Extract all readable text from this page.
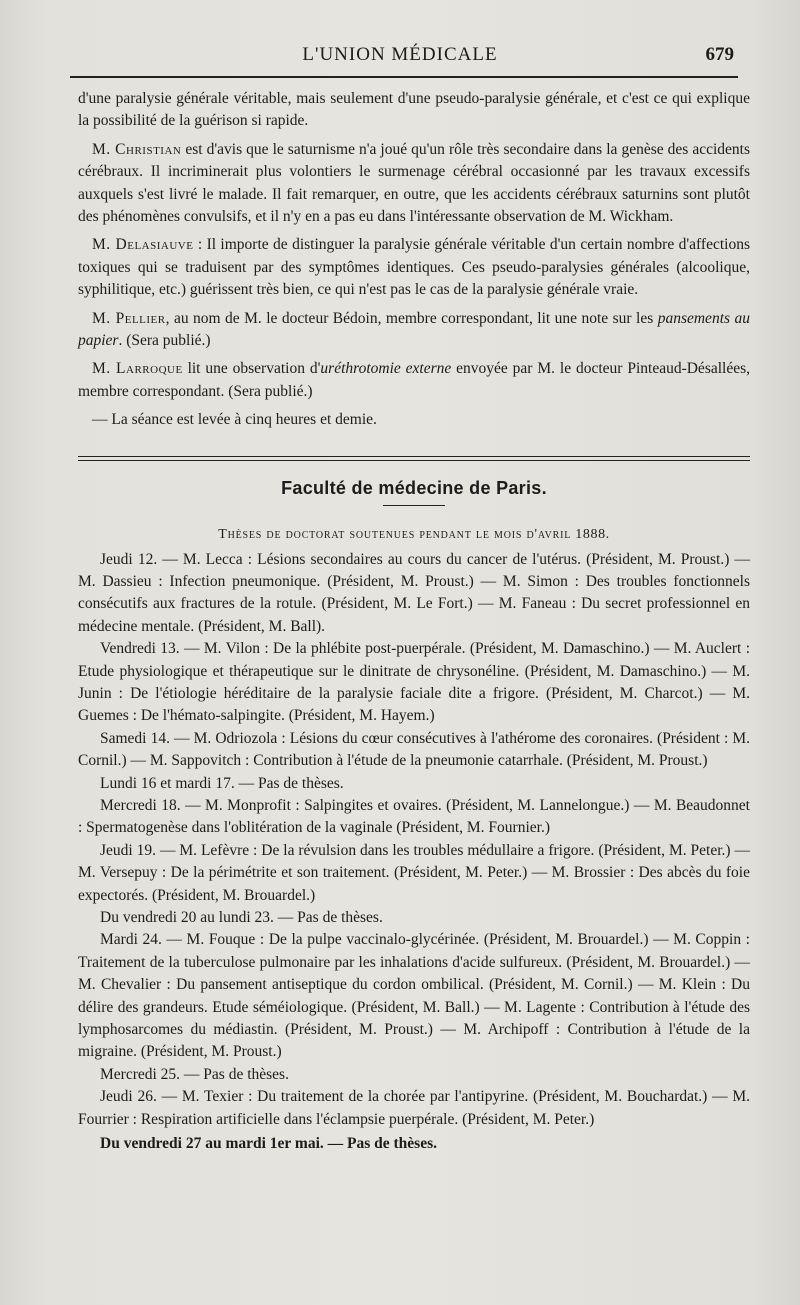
L'UNION MÉDICALE	679

d'une paralysie générale véritable, mais seulement d'une pseudo-paralysie générale, et c'est ce qui explique la possibilité de la guérison si rapide.

M. Christian est d'avis que le saturnisme n'a joué qu'un rôle très secondaire dans la genèse des accidents cérébraux. Il incriminerait plus volontiers le surmenage cérébral occasionné par les travaux excessifs auxquels s'est livré le malade. Il fait remarquer, en outre, que les accidents cérébraux saturnins sont plutôt des phénomènes convulsifs, et il n'y en a pas eu dans l'intéressante observation de M. Wickham.

M. Delasiauve : Il importe de distinguer la paralysie générale véritable d'un certain nombre d'affections toxiques qui se traduisent par des symptômes identiques. Ces pseudo-paralysies générales (alcoolique, syphilitique, etc.) guérissent très bien, ce qui n'est pas le cas de la paralysie générale vraie.

M. Pellier, au nom de M. le docteur Bédoin, membre correspondant, lit une note sur les pansements au papier. (Sera publié.)

M. Larroque lit une observation d'uréthrotomie externe envoyée par M. le docteur Pinteaud-Désallées, membre correspondant. (Sera publié.)

— La séance est levée à cinq heures et demie.

Faculté de médecine de Paris.
Thèses de doctorat soutenues pendant le mois d'avril 1888.

Jeudi 12. — M. Lecca : Lésions secondaires au cours du cancer de l'utérus. (Président, M. Proust.) — M. Dassieu : Infection pneumonique. (Président, M. Proust.) — M. Simon : Des troubles fonctionnels consécutifs aux fractures de la rotule. (Président, M. Le Fort.) — M. Faneau : Du secret professionnel en médecine mentale. (Président, M. Ball).

Vendredi 13. — M. Vilon : De la phlébite post-puerpérale. (Président, M. Damaschino.) — M. Auclert : Etude physiologique et thérapeutique sur le dinitrate de chrysonéline. (Président, M. Damaschino.) — M. Junin : De l'étiologie héréditaire de la paralysie faciale dite a frigore. (Président, M. Charcot.) — M. Guemes : De l'hémato-salpingite. (Président, M. Hayem.)

Samedi 14. — M. Odriozola : Lésions du cœur consécutives à l'athérome des coronaires. (Président : M. Cornil.) — M. Sappovitch : Contribution à l'étude de la pneumonie catarrhale. (Président, M. Proust.)

Lundi 16 et mardi 17. — Pas de thèses.

Mercredi 18. — M. Monprofit : Salpingites et ovaires. (Président, M. Lannelongue.) — M. Beaudonnet : Spermatogenèse dans l'oblitération de la vaginale (Président, M. Fournier.)

Jeudi 19. — M. Lefèvre : De la révulsion dans les troubles médullaire a frigore. (Président, M. Peter.) — M. Versepuy : De la périmétrite et son traitement. (Président, M. Peter.) — M. Brossier : Des abcès du foie expectorés. (Président, M. Brouardel.)

Du vendredi 20 au lundi 23. — Pas de thèses.

Mardi 24. — M. Fouque : De la pulpe vaccinalo-glycérinée. (Président, M. Brouardel.) — M. Coppin : Traitement de la tuberculose pulmonaire par les inhalations d'acide sulfureux. (Président, M. Brouardel.) — M. Chevalier : Du pansement antiseptique du cordon ombilical. (Président, M. Cornil.) — M. Klein : Du délire des grandeurs. Etude séméiologique. (Président, M. Ball.) — M. Lagente : Contribution à l'étude des lymphosarcomes du médiastin. (Président, M. Proust.) — M. Archipoff : Contribution à l'étude de la migraine. (Président, M. Proust.)

Mercredi 25. — Pas de thèses.

Jeudi 26. — M. Texier : Du traitement de la chorée par l'antipyrine. (Président, M. Bouchardat.) — M. Fourrier : Respiration artificielle dans l'éclampsie puerpérale. (Président, M. Peter.)

Du vendredi 27 au mardi 1er mai. — Pas de thèses.
